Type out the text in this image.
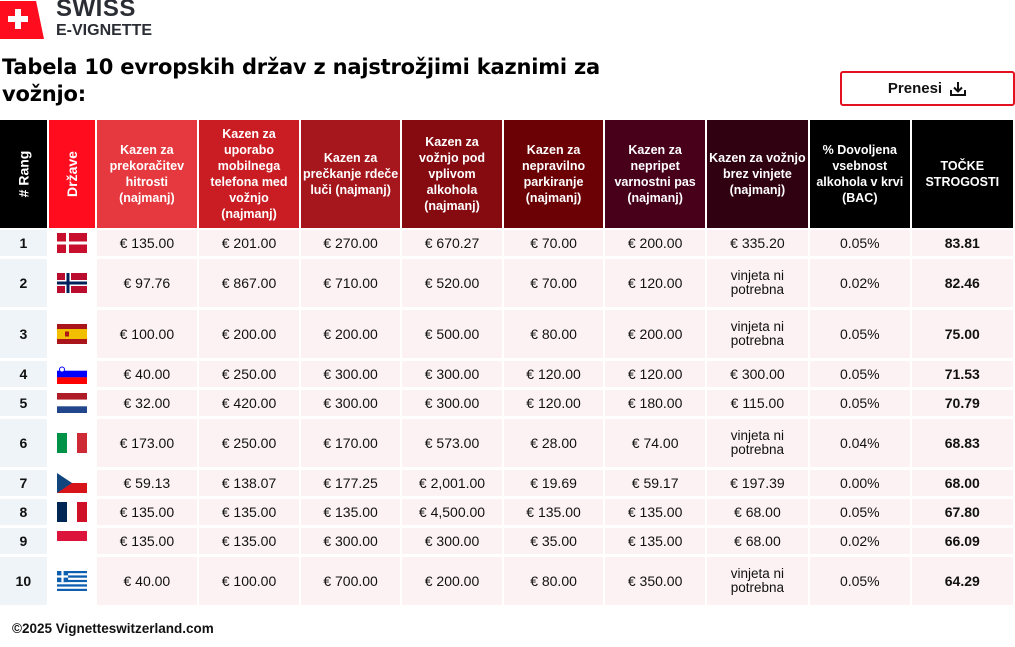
SWISS
E-VIGNETTE
Tabela 10 evropskih držav z najstrožjimi kaznimi za vožnjo:	Prenesi
# Rang	Države	Kazen za prekoračitev hitrosti (najmanj)	Kazen za uporabo mobilnega telefona med vožnjo (najmanj)	Kazen za prečkanje rdeče luči (najmanj)	Kazen za vožnjo pod vplivom alkohola (najmanj)	Kazen za nepravilno parkiranje (najmanj)	Kazen za nepripet varnostni pas (najmanj)	Kazen za vožnjo brez vinjete (najmanj)	% Dovoljena vsebnost alkohola v krvi (BAC)	TOČKE STROGOSTI
1		€ 135.00	€ 201.00	€ 270.00	€ 670.27	€ 70.00	€ 200.00	€ 335.20	0.05%	83.81
2		€ 97.76	€ 867.00	€ 710.00	€ 520.00	€ 70.00	€ 120.00	vinjeta ni potrebna	0.02%	82.46
3		€ 100.00	€ 200.00	€ 200.00	€ 500.00	€ 80.00	€ 200.00	vinjeta ni potrebna	0.05%	75.00
4		€ 40.00	€ 250.00	€ 300.00	€ 300.00	€ 120.00	€ 120.00	€ 300.00	0.05%	71.53
5		€ 32.00	€ 420.00	€ 300.00	€ 300.00	€ 120.00	€ 180.00	€ 115.00	0.05%	70.79
6		€ 173.00	€ 250.00	€ 170.00	€ 573.00	€ 28.00	€ 74.00	vinjeta ni potrebna	0.04%	68.83
7		€ 59.13	€ 138.07	€ 177.25	€ 2,001.00	€ 19.69	€ 59.17	€ 197.39	0.00%	68.00
8		€ 135.00	€ 135.00	€ 135.00	€ 4,500.00	€ 135.00	€ 135.00	€ 68.00	0.05%	67.80
9		€ 135.00	€ 135.00	€ 300.00	€ 300.00	€ 35.00	€ 135.00	€ 68.00	0.02%	66.09
10		€ 40.00	€ 100.00	€ 700.00	€ 200.00	€ 80.00	€ 350.00	vinjeta ni potrebna	0.05%	64.29
©2025 Vignetteswitzerland.com
